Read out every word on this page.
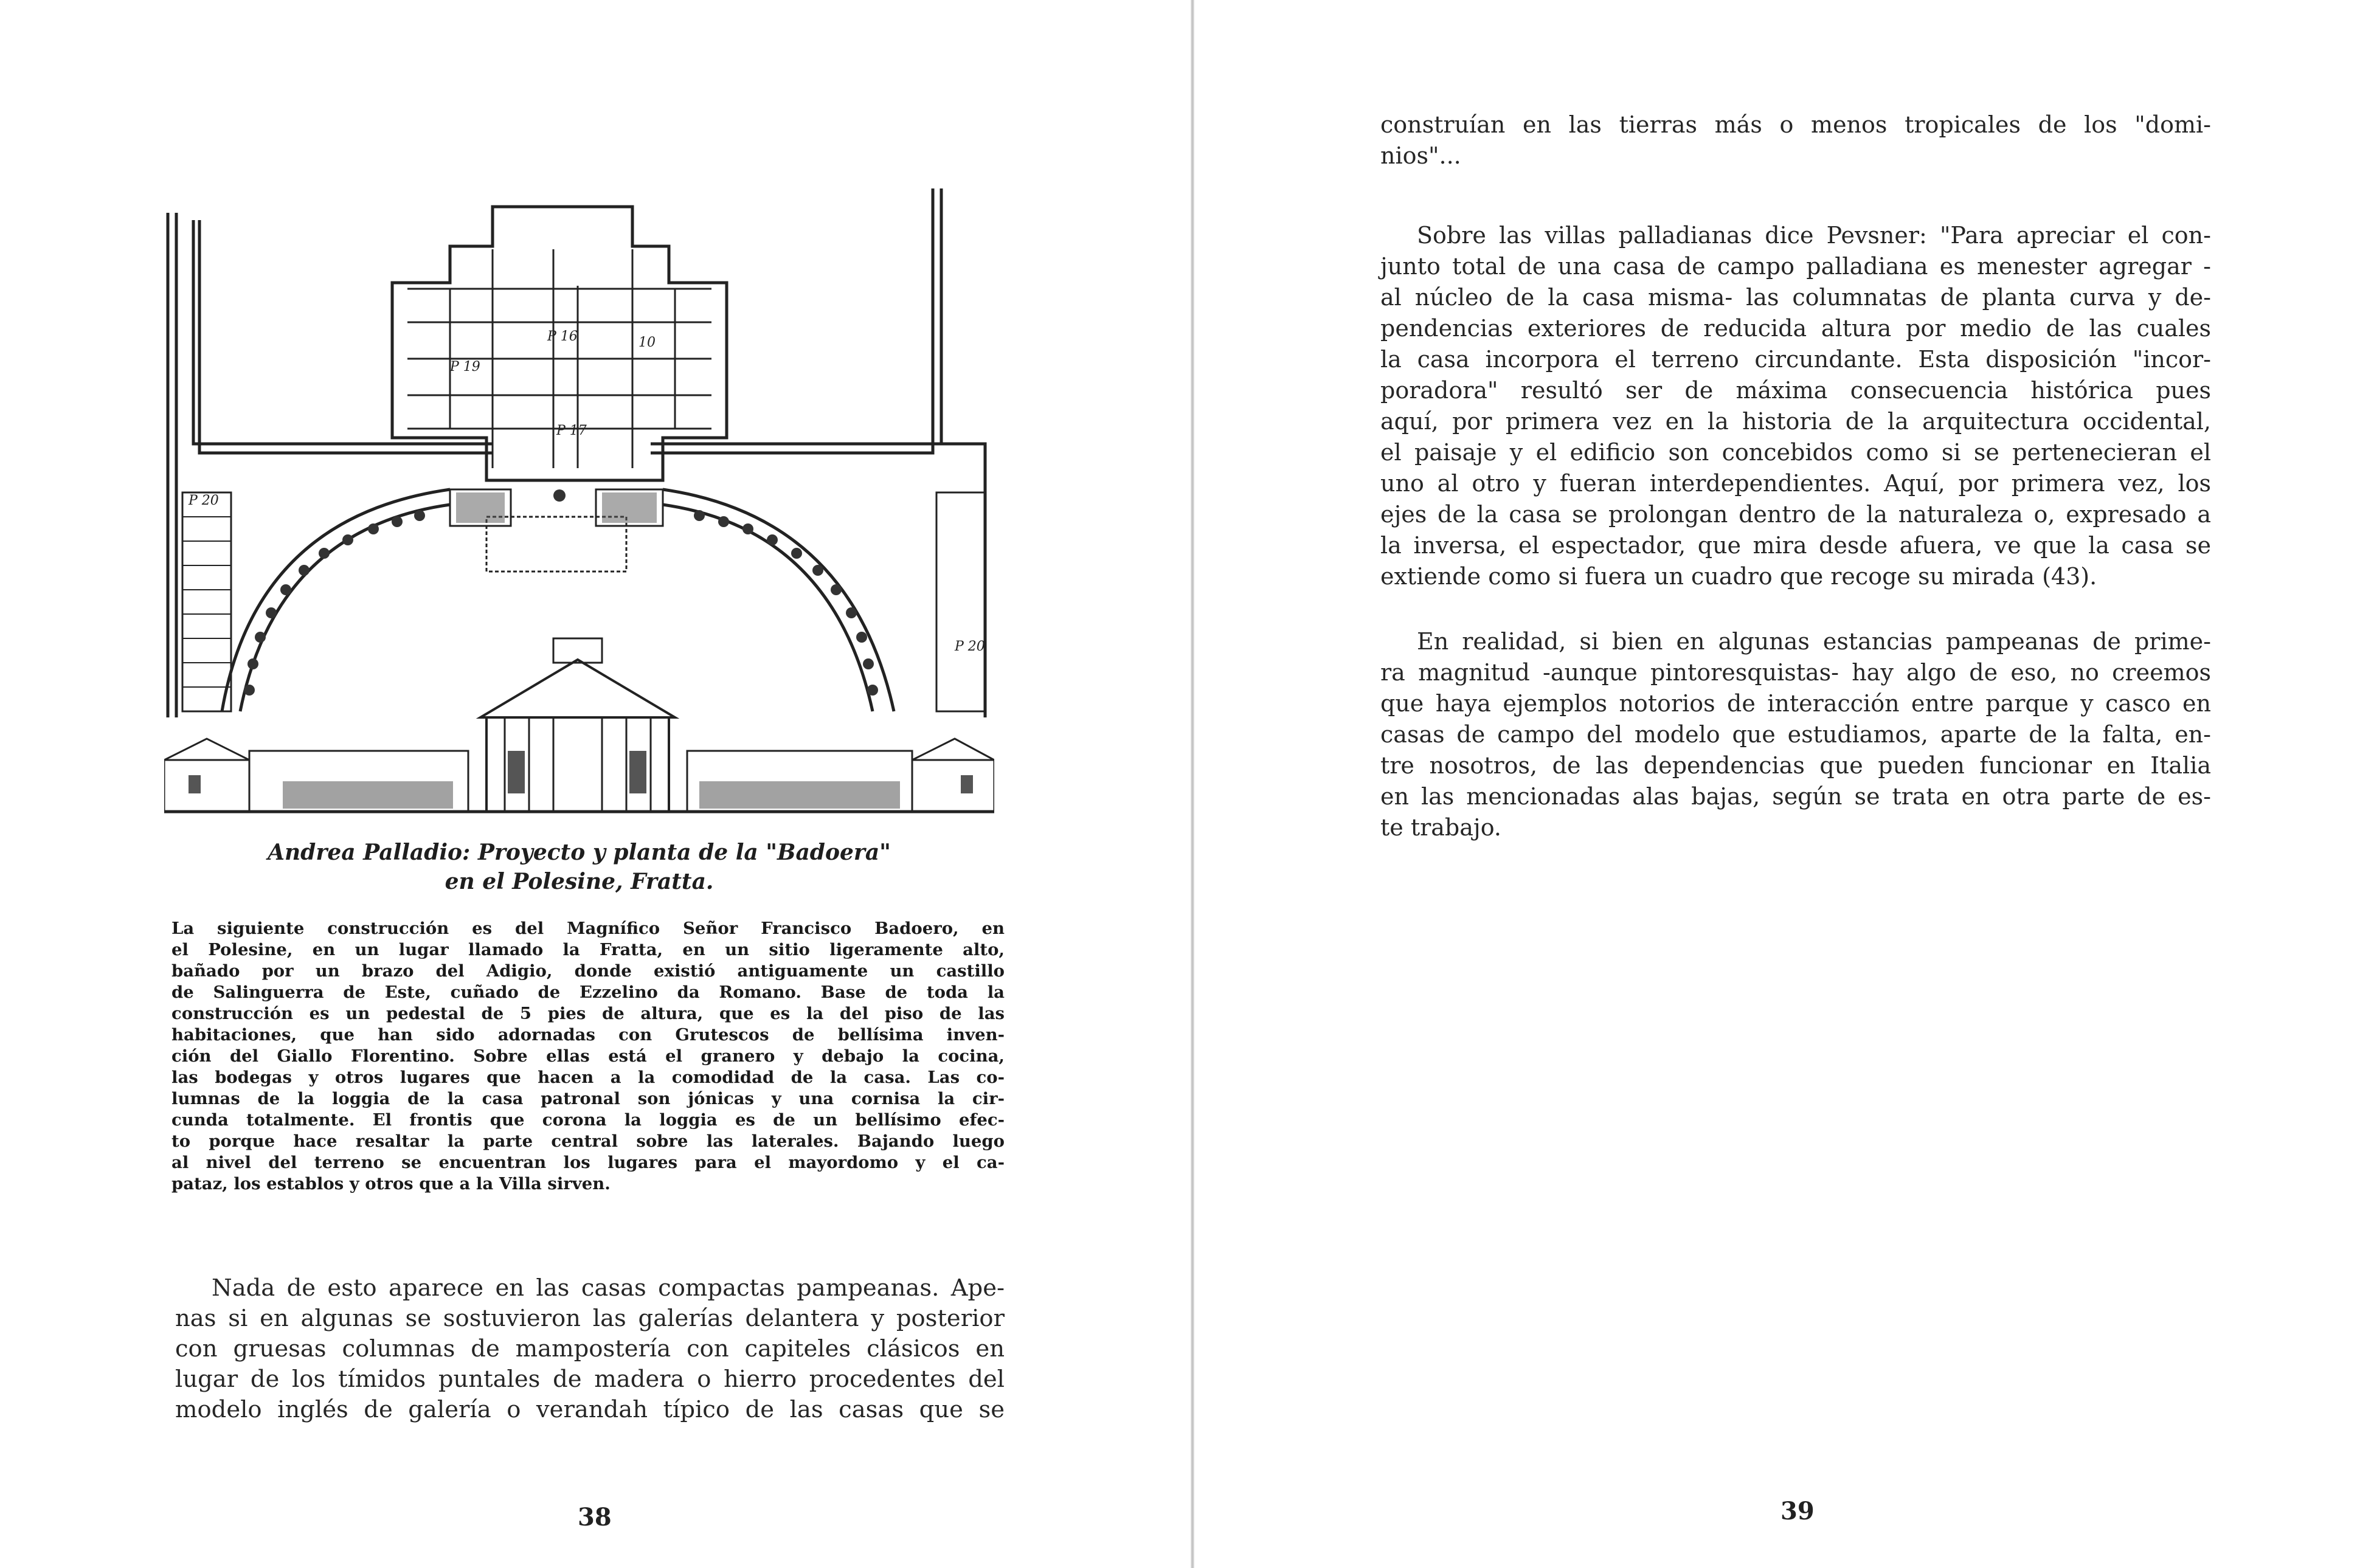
P 20
P 20
P 16	10
P 17
P 19
Andrea Palladio: Proyecto y planta de la "Badoera"
en el Polesine, Fratta.
La siguiente construcción es del Magnífico Señor Francisco Badoero, en
el Polesine, en un lugar llamado la Fratta, en un sitio ligeramente alto,
bañado por un brazo del Adigio, donde existió antiguamente un castillo
de Salinguerra de Este, cuñado de Ezzelino da Romano. Base de toda la
construcción es un pedestal de 5 pies de altura, que es la del piso de las
habitaciones, que han sido adornadas con Grutescos de bellísima inven-
ción del Giallo Florentino. Sobre ellas está el granero y debajo la cocina,
las bodegas y otros lugares que hacen a la comodidad de la casa. Las co-
lumnas de la loggia de la casa patronal son jónicas y una cornisa la cir-
cunda totalmente. El frontis que corona la loggia es de un bellísimo efec-
to porque hace resaltar la parte central sobre las laterales. Bajando luego
al nivel del terreno se encuentran los lugares para el mayordomo y el ca-
pataz, los establos y otros que a la Villa sirven.
Nada de esto aparece en las casas compactas pampeanas. Ape-
nas si en algunas se sostuvieron las galerías delantera y posterior
con gruesas columnas de mampostería con capiteles clásicos en
lugar de los tímidos puntales de madera o hierro procedentes del
modelo inglés de galería o verandah típico de las casas que se
38
construían en las tierras más o menos tropicales de los "domi-
nios"...
Sobre las villas palladianas dice Pevsner: "Para apreciar el con-
junto total de una casa de campo palladiana es menester agregar -
al núcleo de la casa misma- las columnatas de planta curva y de-
pendencias exteriores de reducida altura por medio de las cuales
la casa incorpora el terreno circundante. Esta disposición "incor-
poradora" resultó ser de máxima consecuencia histórica pues
aquí, por primera vez en la historia de la arquitectura occidental,
el paisaje y el edificio son concebidos como si se pertenecieran el
uno al otro y fueran interdependientes. Aquí, por primera vez, los
ejes de la casa se prolongan dentro de la naturaleza o, expresado a
la inversa, el espectador, que mira desde afuera, ve que la casa se
extiende como si fuera un cuadro que recoge su mirada (43).
En realidad, si bien en algunas estancias pampeanas de prime-
ra magnitud -aunque pintoresquistas- hay algo de eso, no creemos
que haya ejemplos notorios de interacción entre parque y casco en
casas de campo del modelo que estudiamos, aparte de la falta, en-
tre nosotros, de las dependencias que pueden funcionar en Italia
en las mencionadas alas bajas, según se trata en otra parte de es-
te trabajo.
39
